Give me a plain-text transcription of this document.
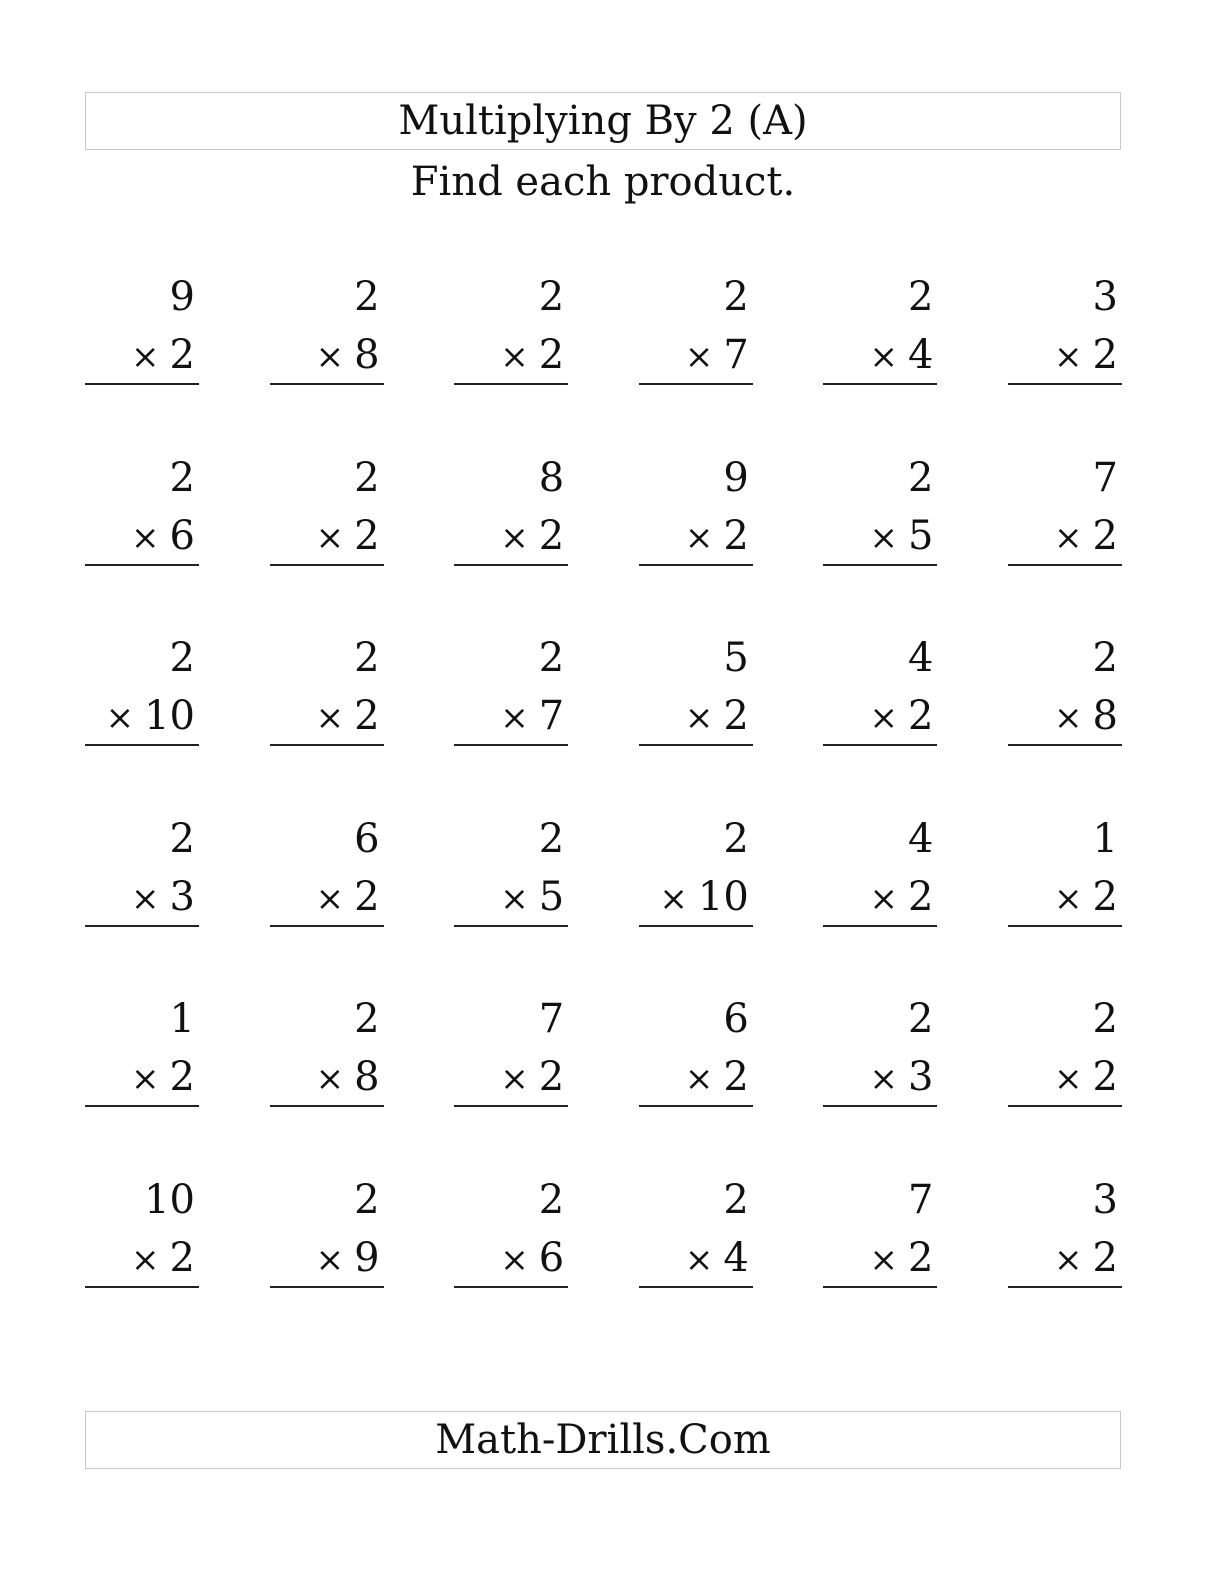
Multiplying By 2 (A)
Find each product.
9
× 2
2
× 8
2
× 2
2
× 7
2
× 4
3
× 2
2
× 6
2
× 2
8
× 2
9
× 2
2
× 5
7
× 2
2
× 10
2
× 2
2
× 7
5
× 2
4
× 2
2
× 8
2
× 3
6
× 2
2
× 5
2
× 10
4
× 2
1
× 2
1
× 2
2
× 8
7
× 2
6
× 2
2
× 3
2
× 2
10
× 2
2
× 9
2
× 6
2
× 4
7
× 2
3
× 2
Math-Drills.Com
